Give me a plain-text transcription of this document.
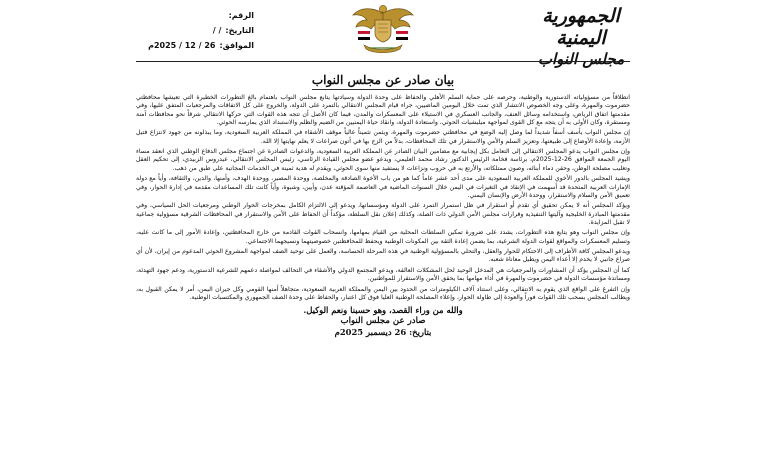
الجمهورية اليمنية
مجلس النواب
الرقم:
التاريخ:
/ /
الموافق:
26 / 12 / 2025م
بيان صادر عن مجلس النواب

انطلاقاً من مسؤولياته الدستورية والوطنية، وحرصه على حماية السلم الأهلي والحفاظ على وحدة الدولة وسيادتها يتابع مجلس النواب باهتمام بالغ التطورات الخطيرة التي تعيشها محافظتي حضرموت والمهرة، وعلى وجه الخصوص الانتشار الذي تمت خلال اليومين الماضيين، جراء قيام المجلس الانتقالي بالتمرد على الدولة، والخروج على كل الاتفاقات والمرجعيات المتفق عليها، وفي مقدمتها اتفاق الرياض، واستخدامه وسائل العنف، والجانب العسكري في الاستيلاء على المعسكرات والمدن، فيما كان الأصل أن تتجه هذه القوات التي حركها الانتقالي شرقاً نحو محافظات آمنة ومستقرة، وكان الأولى به أن يتجه مع كل القوى لمواجهة ميليشيات الحوثي، واستعادة الدولة، وانقاذ حياة اليمنيين من الضيم والظلم والاستبداد الذي يمارسه الحوثي.

إن مجلس النواب يأسف أسفاً شديداً لما وصل إليه الوضع في محافظتي حضرموت والمهرة، ويثمن تثميناً عالياً موقف الأشقاء في المملكة العربية السعودية، وما يبذلونه من جهود لانتزاع فتيل الأزمة، وإعادة الأوضاع إلى طبيعتها، وتعزيز السلم والأمن والاستقرار في تلك المحافظات، بدلاً من الزج بها في أتون صراعات لا يعلم نهايتها إلا الله.

وإن مجلس النواب يدعو المجلس الانتقالي إلى التعامل بكل إيجابية مع مضامين البيان الصادر عن المملكة العربية السعودية، والدعوات الصادرة عن اجتماع مجلس الدفاع الوطني الذي انعقد مساء اليوم الجمعة الموافق 26-12-2025م، برئاسة فخامة الرئيس الدكتور رشاد محمد العليمي، ويدعو عضو مجلس القيادة الرئاسي، رئيس المجلس الانتقالي، عيدروس الزبيدي، إلى تحكيم العقل وتغليب مصلحة الوطن، وحقن دماء أبنائه، وصون ممتلكاته، والأرتع به في حروب ونزاعات لا يستفيد منها سوى الحوثي، ويقدم له هدية ثمينة في الخدمات المجانية على طبق من ذهب.

ويشيد المجلس بالدور الأخوي للمملكة العربية السعودية على مدى أحد عشر عاماً كما هو من باب الأخوة الصادقة والمخلصة، ووحدة المصير، ووحدة الهدف، وأمنها، والدين، والثقافة، وأياً مع دولة الإمارات العربية المتحدة قد أسهمت في الإنقاذ في التغيرات في اليمن خلال السنوات الماضية في العاصمة المؤقتة عدن، وأبين، وشبوة، وأياً كانت تلك المساعدات مقدمة في إدارة الحوار، وفي تعميق الأمن والسلام والاستقرار، ووحدة الأرض والإنسان اليمني.

ويؤكد المجلس أنه لا يمكن تحقيق أي تقدم أو استقرار في ظل استمرار التمرد على الدولة ومؤسساتها، ويدعو إلى الالتزام الكامل بمخرجات الحوار الوطني ومرجعيات الحل السياسي، وفي مقدمتها المبادرة الخليجية وآليتها التنفيذية وقرارات مجلس الأمن الدولي ذات الصلة، وكذلك إعلان نقل السلطة، مؤكداً أن الحفاظ على الأمن والاستقرار في المحافظات الشرقية مسؤولية جماعية لا تقبل المزايدة.

وإن مجلس النواب وهو يتابع هذه التطورات، يشدد على ضرورة تمكين السلطات المحلية من القيام بمهامها، وانسحاب القوات القادمة من خارج المحافظتين، وإعادة الأمور إلى ما كانت عليه، وتسليم المعسكرات والمواقع لقوات الدولة الشرعية، بما يضمن إعادة الثقة بين المكونات الوطنية ويحفظ للمحافظتين خصوصيتهما ونسيجهما الاجتماعي.

ويدعو المجلس كافة الأطراف إلى الاحتكام للحوار والعقل، والتحلي بالمسؤولية الوطنية في هذه المرحلة الحساسة، والعمل على توحيد الصف لمواجهة المشروع الحوثي المدعوم من إيران، لأن أي صراع جانبي لا يخدم إلا أعداء اليمن ويطيل معاناة شعبه.

كما أن المجلس يؤكد أن المشاورات والمرجعيات هي المدخل الوحيد لحل المشكلات العالقة، ويدعو المجتمع الدولي والأشقاء في التحالف لمواصلة دعمهم للشرعية الدستورية، ودعم جهود التهدئة، ومساندة مؤسسات الدولة في حضرموت والمهرة في أداء مهامها بما يحقق الأمن والاستقرار للمواطنين.

وإن التفرغ على الواقع الذي يقوم به الانتقالي، وعلى استناد آلاف الكيلومترات من الحدود بين اليمن والمملكة العربية السعودية، متجاهلاً أمنها القومي وكل جيران اليمن، أمر لا يمكن القبول به، ويطالب المجلس بسحب تلك القوات فوراً والعودة إلى طاولة الحوار، وإعلاء المصلحة الوطنية العليا فوق كل اعتبار، والحفاظ على وحدة الصف الجمهوري والمكتسبات الوطنية.

والله من وراء القصد، وهو حسبنا ونعم الوكيل.
صادر عن مجلس النواب
بتاريخ: 26 ديسمبر 2025م
